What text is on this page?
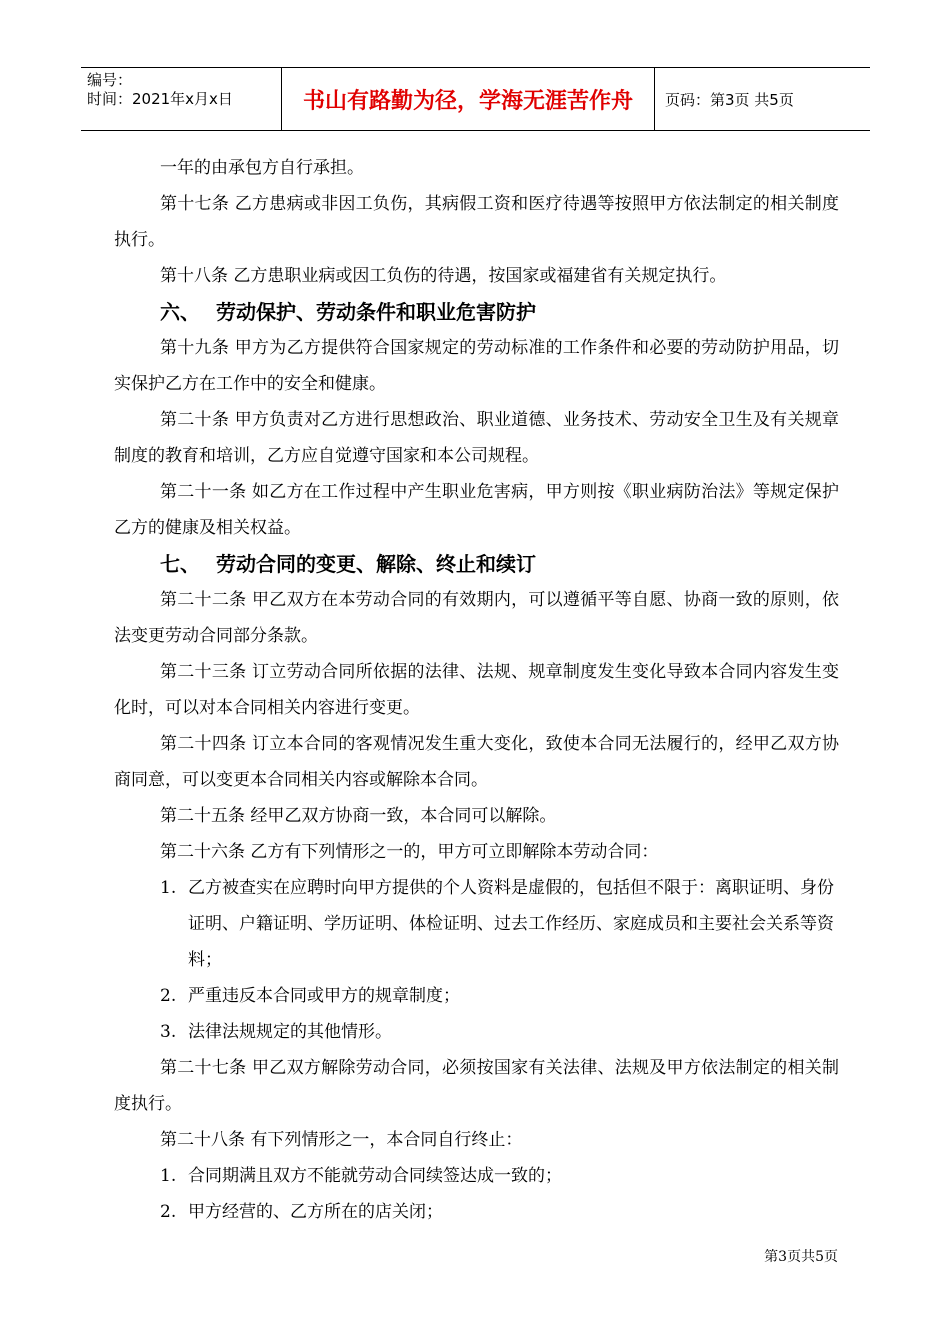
编号：
时间：2021年x月x日	书山有路勤为径，学海无涯苦作舟	页码：第3页 共5页

一年的由承包方自行承担。

第十七条 乙方患病或非因工负伤，其病假工资和医疗待遇等按照甲方依法制定的相关制度执行。

第十八条 乙方患职业病或因工负伤的待遇，按国家或福建省有关规定执行。

六、 劳动保护、劳动条件和职业危害防护

第十九条 甲方为乙方提供符合国家规定的劳动标准的工作条件和必要的劳动防护用品，切实保护乙方在工作中的安全和健康。

第二十条 甲方负责对乙方进行思想政治、职业道德、业务技术、劳动安全卫生及有关规章制度的教育和培训，乙方应自觉遵守国家和本公司规程。

第二十一条 如乙方在工作过程中产生职业危害病，甲方则按《职业病防治法》等规定保护乙方的健康及相关权益。

七、 劳动合同的变更、解除、终止和续订

第二十二条 甲乙双方在本劳动合同的有效期内，可以遵循平等自愿、协商一致的原则，依法变更劳动合同部分条款。

第二十三条 订立劳动合同所依据的法律、法规、规章制度发生变化导致本合同内容发生变化时，可以对本合同相关内容进行变更。

第二十四条 订立本合同的客观情况发生重大变化，致使本合同无法履行的，经甲乙双方协商同意，可以变更本合同相关内容或解除本合同。

第二十五条 经甲乙双方协商一致，本合同可以解除。

第二十六条 乙方有下列情形之一的，甲方可立即解除本劳动合同：

1. 乙方被查实在应聘时向甲方提供的个人资料是虚假的，包括但不限于：离职证明、身份证明、户籍证明、学历证明、体检证明、过去工作经历、家庭成员和主要社会关系等资料；

2. 严重违反本合同或甲方的规章制度；

3. 法律法规规定的其他情形。

第二十七条 甲乙双方解除劳动合同，必须按国家有关法律、法规及甲方依法制定的相关制度执行。

第二十八条 有下列情形之一，本合同自行终止：

1. 合同期满且双方不能就劳动合同续签达成一致的；

2. 甲方经营的、乙方所在的店关闭；

第3页共5页
